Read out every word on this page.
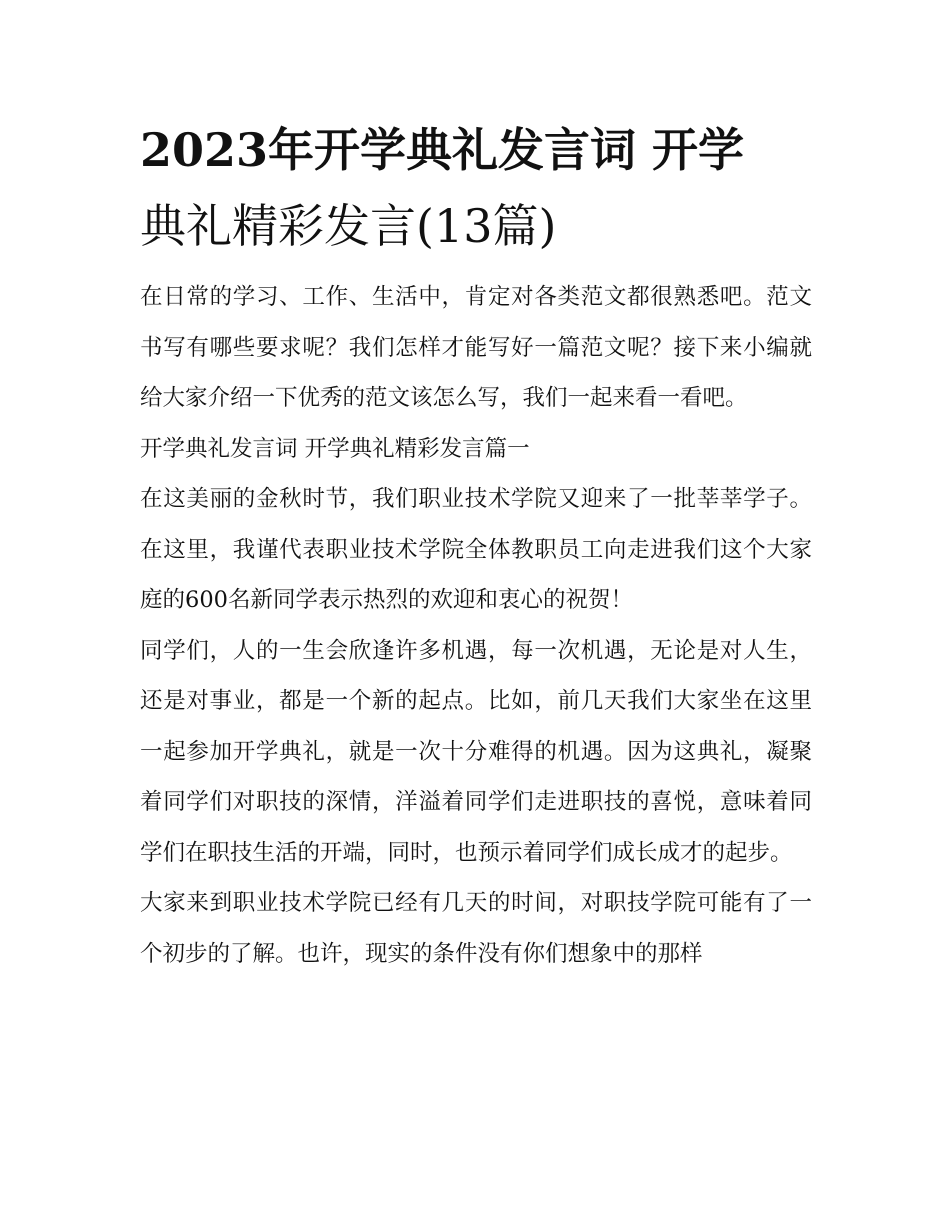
2023年开学典礼发言词 开学
典礼精彩发言(13篇)

在日常的学习、工作、生活中，肯定对各类范文都很熟悉吧。范文书写有哪些要求呢？我们怎样才能写好一篇范文呢？接下来小编就给大家介绍一下优秀的范文该怎么写，我们一起来看一看吧。

开学典礼发言词 开学典礼精彩发言篇一

在这美丽的金秋时节，我们职业技术学院又迎来了一批莘莘学子。在这里，我谨代表职业技术学院全体教职员工向走进我们这个大家庭的600名新同学表示热烈的欢迎和衷心的祝贺！

同学们，人的一生会欣逢许多机遇，每一次机遇，无论是对人生，还是对事业，都是一个新的起点。比如，前几天我们大家坐在这里一起参加开学典礼，就是一次十分难得的机遇。因为这典礼，凝聚着同学们对职技的深情，洋溢着同学们走进职技的喜悦，意味着同学们在职技生活的开端，同时，也预示着同学们成长成才的起步。

大家来到职业技术学院已经有几天的时间，对职技学院可能有了一个初步的了解。也许，现实的条件没有你们想象中的那样
